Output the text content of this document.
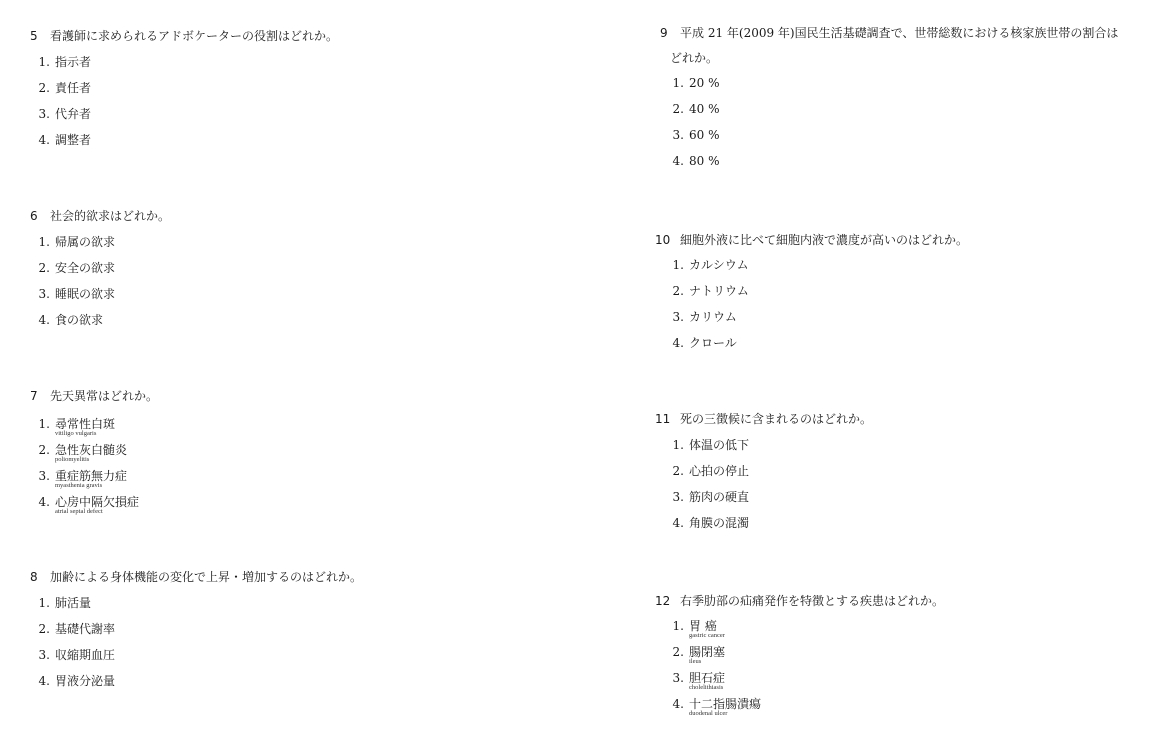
5	看護師に求められるアドボケーターの役割はどれか。
1. 指示者
2. 責任者
3. 代弁者
4. 調整者
6	社会的欲求はどれか。
1. 帰属の欲求
2. 安全の欲求
3. 睡眠の欲求
4. 食の欲求
7	先天異常はどれか。
1. 尋常性白斑
vitiligo vulgaris
2. 急性灰白髄炎
poliomyelitis
3. 重症筋無力症
myasthenia gravis
4. 心房中隔欠損症
atrial septal defect
8	加齢による身体機能の変化で上昇・増加するのはどれか。
1. 肺活量
2. 基礎代謝率
3. 収縮期血圧
4. 胃液分泌量
9	平成 21 年(2009 年)国民生活基礎調査で、世帯総数における核家族世帯の割合は
どれか。
1. 20 %
2. 40 %
3. 60 %
4. 80 %
10 細胞外液に比べて細胞内液で濃度が高いのはどれか。
1. カルシウム
2. ナトリウム
3. カリウム
4. クロール
11 死の三徴候に含まれるのはどれか。
1. 体温の低下
2. 心拍の停止
3. 筋肉の硬直
4. 角膜の混濁
12 右季肋部の疝痛発作を特徴とする疾患はどれか。
1. 胃 癌
gastric cancer
2. 腸閉塞
ileus
3. 胆石症
cholelithiasis
4. 十二指腸潰瘍
duodenal ulcer
